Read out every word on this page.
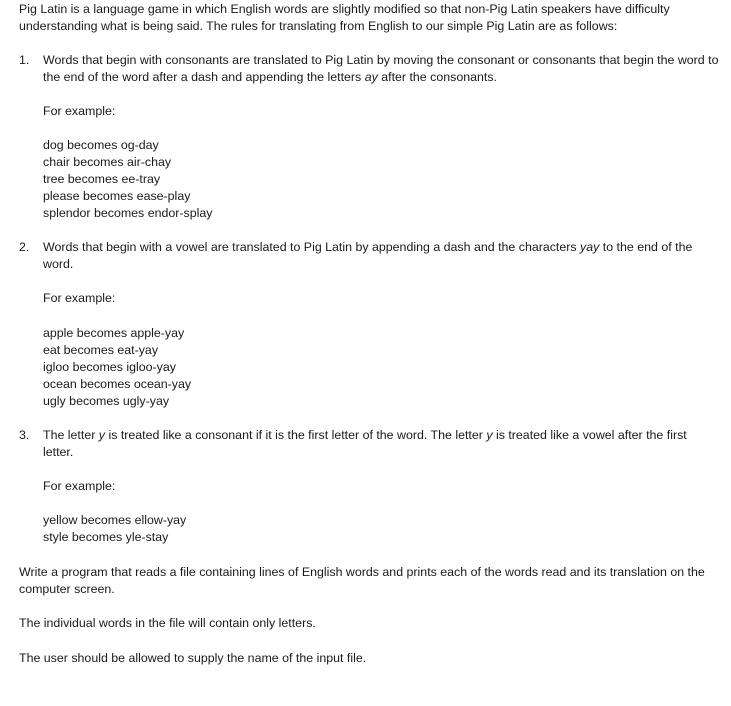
Pig Latin is a language game in which English words are slightly modified so that non-Pig Latin speakers have difficulty understanding what is being said. The rules for translating from English to our simple Pig Latin are as follows:

1. Words that begin with consonants are translated to Pig Latin by moving the consonant or consonants that begin the word to the end of the word after a dash and appending the letters ay after the consonants.

For example:

dog becomes og-day
chair becomes air-chay
tree becomes ee-tray
please becomes ease-play
splendor becomes endor-splay
2. Words that begin with a vowel are translated to Pig Latin by appending a dash and the characters yay to the end of the word.

For example:

apple becomes apple-yay
eat becomes eat-yay
igloo becomes igloo-yay
ocean becomes ocean-yay
ugly becomes ugly-yay
3. The letter y is treated like a consonant if it is the first letter of the word. The letter y is treated like a vowel after the first letter.

For example:

yellow becomes ellow-yay
style becomes yle-stay

Write a program that reads a file containing lines of English words and prints each of the words read and its translation on the computer screen.

The individual words in the file will contain only letters.

The user should be allowed to supply the name of the input file.
